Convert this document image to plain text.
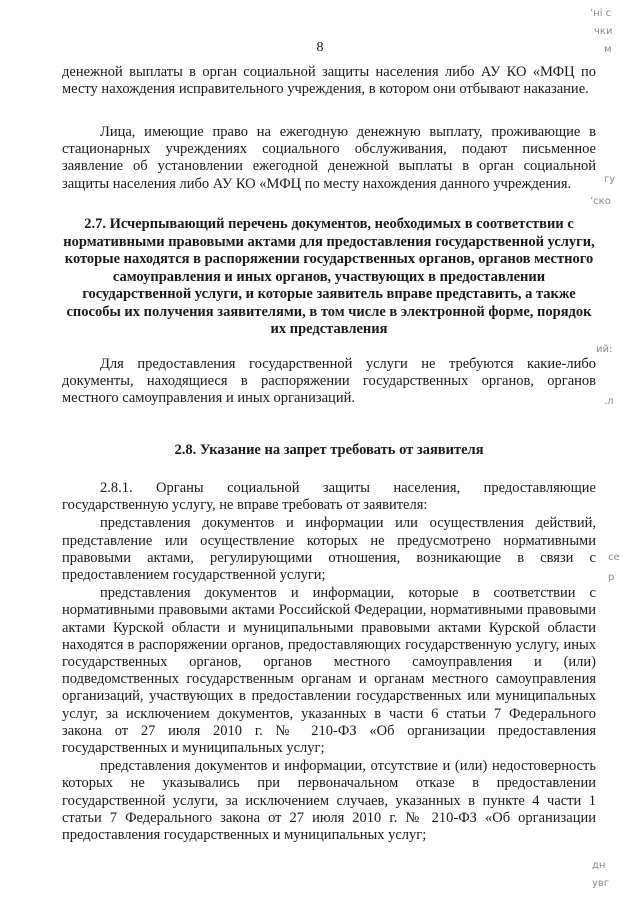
8
’ні с
чки
м
гу
’ско
ий:
.л
се
р
дн
увг

денежной выплаты в орган социальной защиты населения либо АУ КО «МФЦ по месту нахождения исправительного учреждения, в котором они отбывают наказание.

Лица, имеющие право на ежегодную денежную выплату, проживающие в стационарных учреждениях социального обслуживания, подают письменное заявление об установлении ежегодной денежной выплаты в орган социальной защиты населения либо АУ КО «МФЦ по месту нахождения данного учреждения.

2.7. Исчерпывающий перечень документов, необходимых в соответствии с нормативными правовыми актами для предоставления государственной услуги, которые находятся в распоряжении государственных органов, органов местного самоуправления и иных органов, участвующих в предоставлении государственной услуги, и которые заявитель вправе представить, а также способы их получения заявителями, в том числе в электронной форме, порядок их представления

Для предоставления государственной услуги не требуются какие-либо документы, находящиеся в распоряжении государственных органов, органов местного самоуправления и иных организаций.

2.8. Указание на запрет требовать от заявителя

2.8.1. Органы социальной защиты населения, предоставляющие государственную услугу, не вправе требовать от заявителя:

представления документов и информации или осуществления действий, представление или осуществление которых не предусмотрено нормативными правовыми актами, регулирующими отношения, возникающие в связи с предоставлением государственной услуги;

представления документов и информации, которые в соответствии с нормативными правовыми актами Российской Федерации, нормативными правовыми актами Курской области и муниципальными правовыми актами Курской области находятся в распоряжении органов, предоставляющих государственную услугу, иных государственных органов, органов местного самоуправления и (или) подведомственных государственным органам и органам местного самоуправления организаций, участвующих в предоставлении государственных или муниципальных услуг, за исключением документов, указанных в части 6 статьи 7 Федерального закона от 27 июля 2010 г. № 210-ФЗ «Об организации предоставления государственных и муниципальных услуг;

представления документов и информации, отсутствие и (или) недостоверность которых не указывались при первоначальном отказе в предоставлении государственной услуги, за исключением случаев, указанных в пункте 4 части 1 статьи 7 Федерального закона от 27 июля 2010 г. № 210-ФЗ «Об организации предоставления государственных и муниципальных услуг;
